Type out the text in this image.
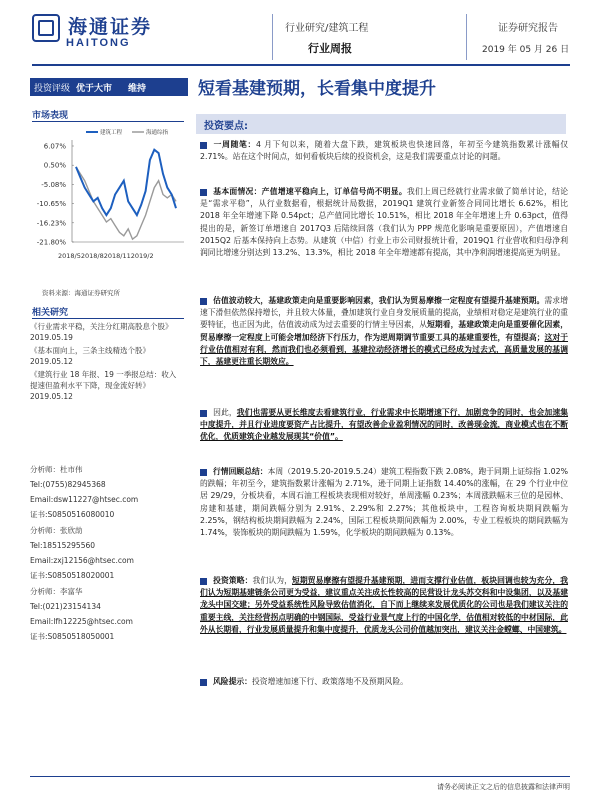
海通证券
HAITONG
行业研究/建筑工程
行业周报
证券研究报告
2019 年 05 月 26 日
投资评级 优于大市 维持	短看基建预期，长看集中度提升
市场表现
建筑工程	海通综指
6.07%
0.50%
-5.08%
-10.65%
-16.23%
-21.80%
2018/52018/82018/112019/2
资料来源：海通证券研究所
相关研究
《行业需求平稳，关注分红期高股息个股》
2019.05.19
《基本面向上，三条主线精选个股》
2019.05.12
《建筑行业 18 年报、19 一季报总结：收入提速但盈利水平下降，现金流好转》
2019.05.12
分析师：杜市伟
Tel:(0755)82945368
Email:dsw11227@htsec.com
证书:S0850516080010
分析师：张欣劼
Tel:18515295560
Email:zxj12156@htsec.com
证书:S0850518020001
分析师：李富华
Tel:(021)23154134
Email:lfh12225@htsec.com
证书:S0850518050001
投资要点:
一周随笔：4 月下旬以来，随着大盘下跌，建筑板块也快速回落，年初至今建筑指数累计涨幅仅 2.71%。站在这个时间点，如何看板块后续的投资机会，这是我们需要重点讨论的问题。
基本面情况：产值增速平稳向上，订单信号尚不明显。我们上周已经就行业需求做了简单讨论，结论是“需求平稳”，从行业数据看，根据统计局数据，2019Q1 建筑行业新签合同同比增长 6.62%，相比 2018 年全年增速下降 0.54pct；总产值同比增长 10.51%，相比 2018 年全年增速上升 0.63pct，值得提出的是，新签订单增速自 2017Q3 后陆续回落（我们认为 PPP 规范化影响是重要原因），产值增速自 2015Q2 后基本保持向上态势。从建筑（中信）行业上市公司财报统计看，2019Q1 行业营收和归母净利润同比增速分别达到 13.2%、13.3%，相比 2018 年全年增速都有提高，其中净利润增速提高更为明显。
估值波动较大，基建政策走向是重要影响因素，我们认为贸易摩擦一定程度有望提升基建预期。需求增速下滑但依然保持增长，并且较大体量，叠加建筑行业自身发展质量的提高，业绩相对稳定是建筑行业的重要特征，也正因为此，估值波动成为过去重要的行情主导因素，从短期看，基建政策走向是重要催化因素，贸易摩擦一定程度上可能会增加经济下行压力，作为逆周期调节重要工具的基建重要性，有望提高；这对于行业估值相对有利，然而我们也必须看到，基建拉动经济增长的模式已经成为过去式，高质量发展的基调下，基建更注重长期效应。
因此，我们也需要从更长维度去看建筑行业，行业需求中长期增速下行，加剧竞争的同时，也会加速集中度提升，并且行业进度要资产占比提升，有望改善企业盈利情况的同时，改善现金流，商业模式也在不断优化，优质建筑企业越发展现其“价值”。
行情回顾总结：本周（2019.5.20-2019.5.24）建筑工程指数下跌 2.08%，跑于同期上证综指 1.02%的跌幅；年初至今，建筑指数累计涨幅为 2.71%，逊于同期上证指数 14.40%的涨幅，在 29 个行业中位居 29/29，分板块看，本周石油工程板块表现相对较好，单周涨幅 0.23%；本周涨跌幅末三位的是园林、房建和基建，期间跌幅分别为 2.91%、2.29%和 2.27%；其他板块中，工程咨询板块期间跌幅为 2.25%，钢结构板块期间跌幅为 2.24%，国际工程板块期间跌幅为 2.00%，专业工程板块的期间跌幅为 1.74%，装饰板块的期间跌幅为 1.59%，化学板块的期间跌幅为 0.13%。
投资策略：我们认为，短期贸易摩擦有望提升基建预期，进而支撑行业估值，板块回调也较为充分，我们认为短期基建链条公司更为受益，建议重点关注成长性较高的民营设计龙头苏交科和中设集团，以及基建龙头中国交建；另外受益系统性风险导致估值消化，自下而上继续来发展优质化的公司也是我们建议关注的重要主线，关注经营拐点明确的中钢国际，受益行业景气度上行的中国化学，估值相对较低的中材国际，此外从长期看，行业发展质量提升和集中度提升，优质龙头公司价值越加突出，建议关注金螳螂、中国建筑。
风险提示：投资增速加速下行、政策落地不及预期风险。
请务必阅读正文之后的信息披露和法律声明
